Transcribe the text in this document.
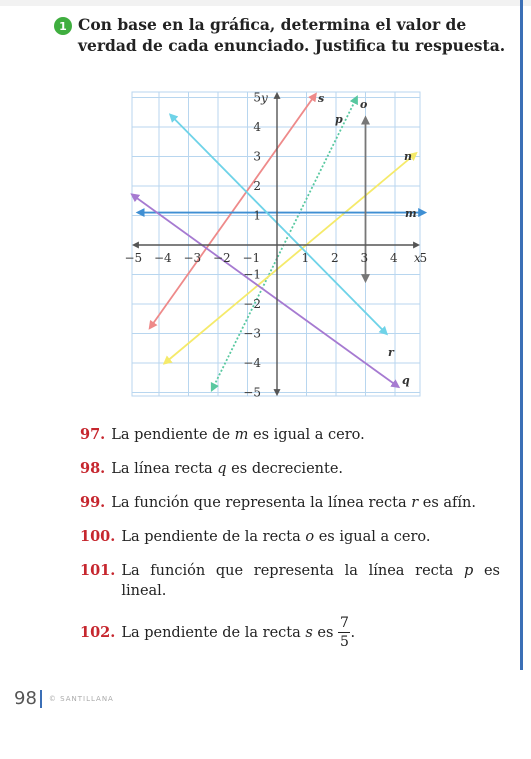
1 Con base en la gráfica, determina el valor de verdad de cada enunciado. Justifica tu respuesta.
−5 −4 −3 −2 −1	1 2 3 4 5
5
4
3
2
1
−1
−2
−3
−4
−5
x
y	s
p
o
n
m
r
q
97. La pendiente de m es igual a cero.
98. La línea recta q es decreciente.
99. La función que representa la línea recta r es afín.
100. La pendiente de la recta o es igual a cero.
101. La función que representa la línea recta p es lineal.
102. La pendiente de la recta s es $\frac{7}{5}$ .
98 © SANTILLANA
